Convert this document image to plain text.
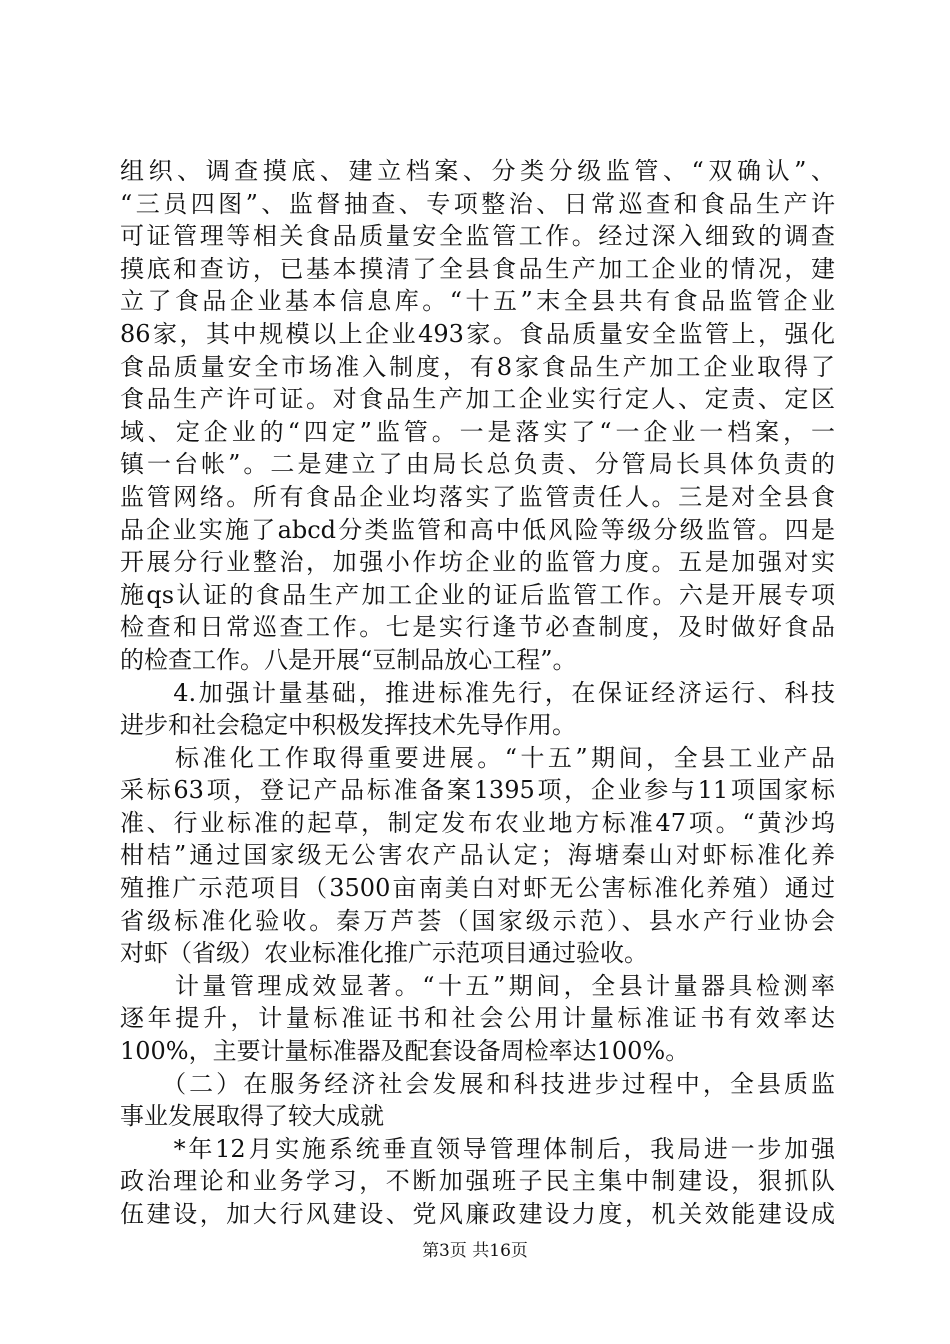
组织、调查摸底、建立档案、分类分级监管、“双确认”、
“三员四图”、监督抽查、专项整治、日常巡查和食品生产许
可证管理等相关食品质量安全监管工作。经过深入细致的调查
摸底和查访，已基本摸清了全县食品生产加工企业的情况，建
立了食品企业基本信息库。“十五”末全县共有食品监管企业
86家，其中规模以上企业493家。食品质量安全监管上，强化
食品质量安全市场准入制度，有8家食品生产加工企业取得了
食品生产许可证。对食品生产加工企业实行定人、定责、定区
域、定企业的“四定”监管。一是落实了“一企业一档案，一
镇一台帐”。二是建立了由局长总负责、分管局长具体负责的
监管网络。所有食品企业均落实了监管责任人。三是对全县食
品企业实施了abcd分类监管和高中低风险等级分级监管。四是
开展分行业整治，加强小作坊企业的监管力度。五是加强对实
施qs认证的食品生产加工企业的证后监管工作。六是开展专项
检查和日常巡查工作。七是实行逢节必查制度，及时做好食品
的检查工作。八是开展“豆制品放心工程”。
　　4.加强计量基础，推进标准先行，在保证经济运行、科技
进步和社会稳定中积极发挥技术先导作用。
　　标准化工作取得重要进展。“十五”期间，全县工业产品
采标63项，登记产品标准备案1395项，企业参与11项国家标
准、行业标准的起草，制定发布农业地方标准47项。“黄沙坞
柑桔”通过国家级无公害农产品认定；海塘秦山对虾标准化养
殖推广示范项目（3500亩南美白对虾无公害标准化养殖）通过
省级标准化验收。秦万芦荟（国家级示范）、县水产行业协会
对虾（省级）农业标准化推广示范项目通过验收。
　　计量管理成效显著。“十五”期间，全县计量器具检测率
逐年提升，计量标准证书和社会公用计量标准证书有效率达
100%，主要计量标准器及配套设备周检率达100%。
　　（二）在服务经济社会发展和科技进步过程中，全县质监
事业发展取得了较大成就
　　*年12月实施系统垂直领导管理体制后，我局进一步加强
政治理论和业务学习，不断加强班子民主集中制建设，狠抓队
伍建设，加大行风建设、党风廉政建设力度，机关效能建设成
第3页 共16页
